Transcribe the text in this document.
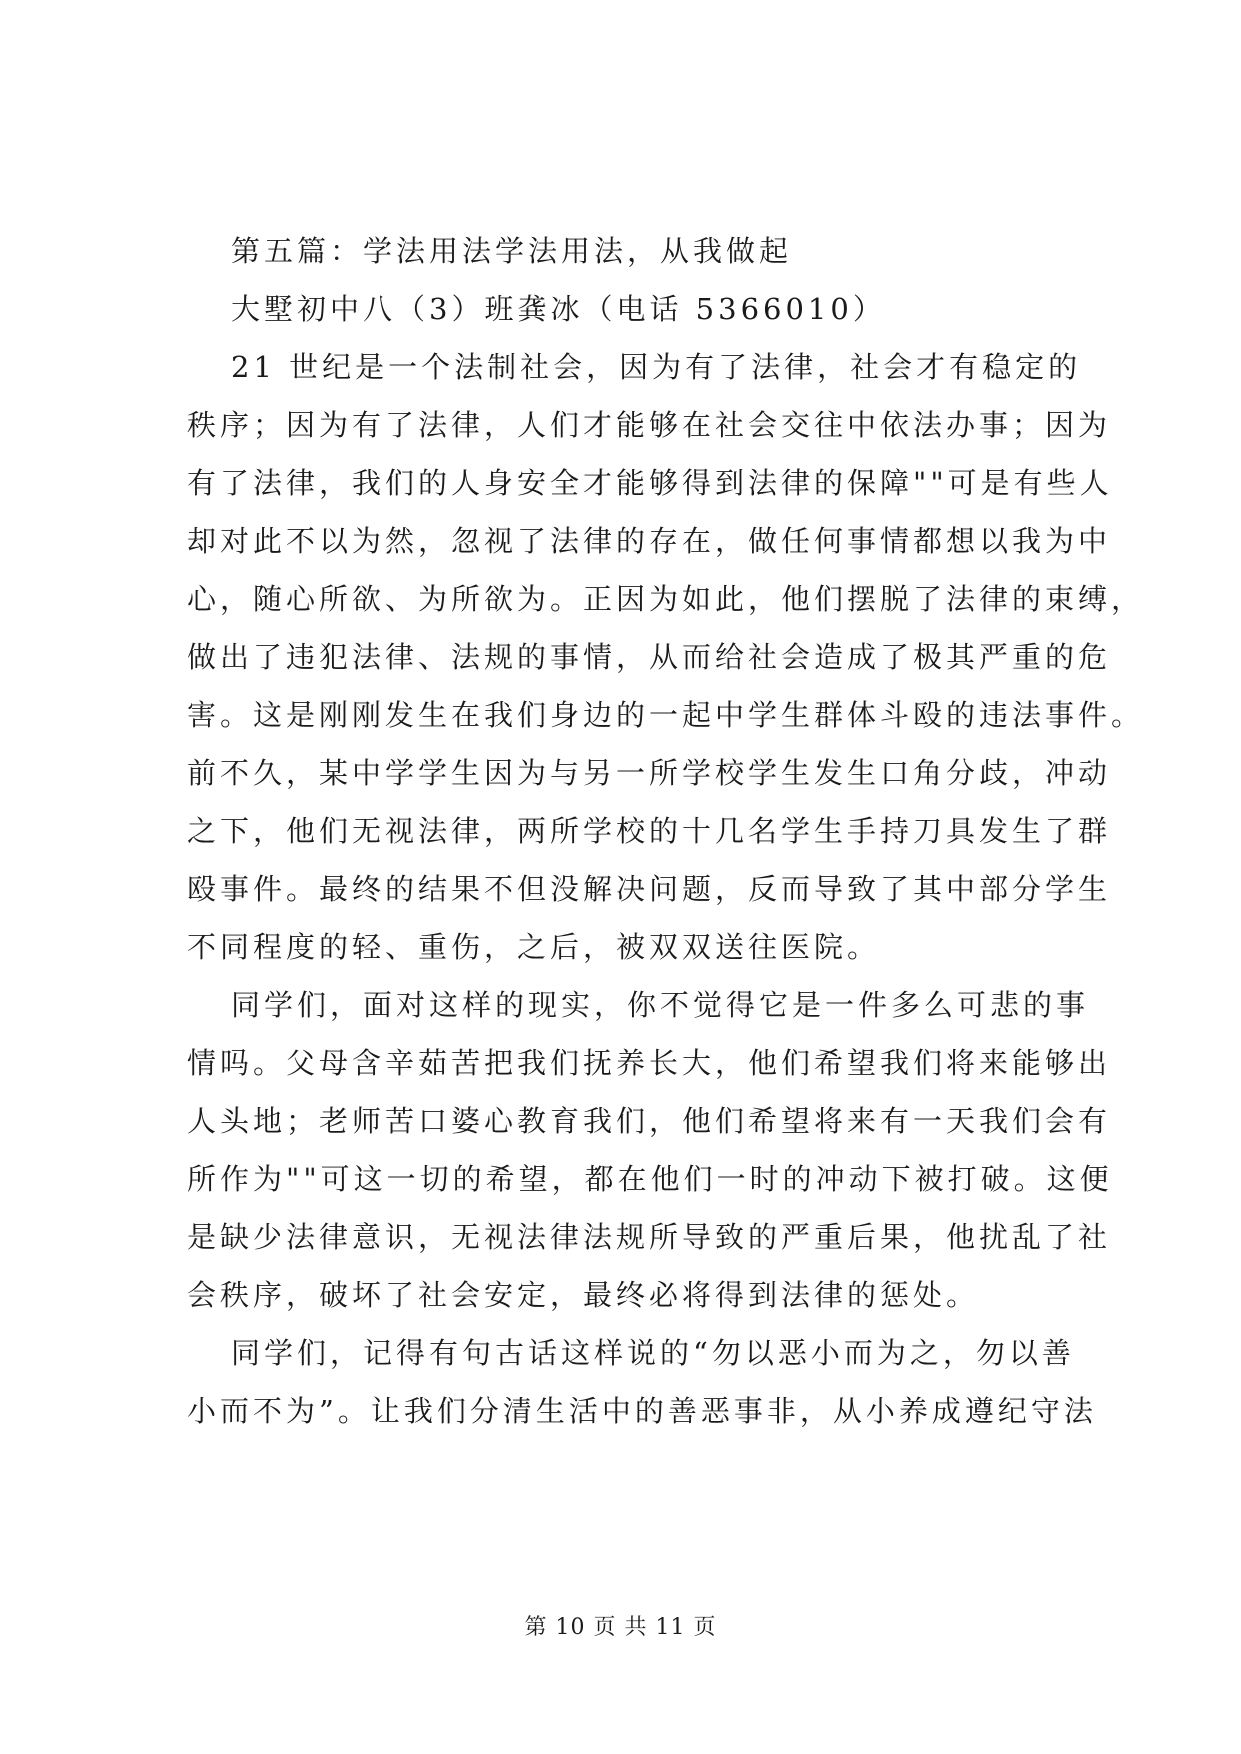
第五篇：学法用法学法用法，从我做起
大墅初中八（3）班龚冰（电话 5366010）
21 世纪是一个法制社会，因为有了法律，社会才有稳定的
秩序；因为有了法律，人们才能够在社会交往中依法办事；因为
有了法律，我们的人身安全才能够得到法律的保障""可是有些人
却对此不以为然，忽视了法律的存在，做任何事情都想以我为中
心，随心所欲、为所欲为。正因为如此，他们摆脱了法律的束缚，
做出了违犯法律、法规的事情，从而给社会造成了极其严重的危
害。这是刚刚发生在我们身边的一起中学生群体斗殴的违法事件。
前不久，某中学学生因为与另一所学校学生发生口角分歧，冲动
之下，他们无视法律，两所学校的十几名学生手持刀具发生了群
殴事件。最终的结果不但没解决问题，反而导致了其中部分学生
不同程度的轻、重伤，之后，被双双送往医院。
同学们，面对这样的现实，你不觉得它是一件多么可悲的事
情吗。父母含辛茹苦把我们抚养长大，他们希望我们将来能够出
人头地；老师苦口婆心教育我们，他们希望将来有一天我们会有
所作为""可这一切的希望，都在他们一时的冲动下被打破。这便
是缺少法律意识，无视法律法规所导致的严重后果，他扰乱了社
会秩序，破坏了社会安定，最终必将得到法律的惩处。
同学们，记得有句古话这样说的“勿以恶小而为之，勿以善
小而不为”。让我们分清生活中的善恶事非，从小养成遵纪守法
第 10 页 共 11 页
